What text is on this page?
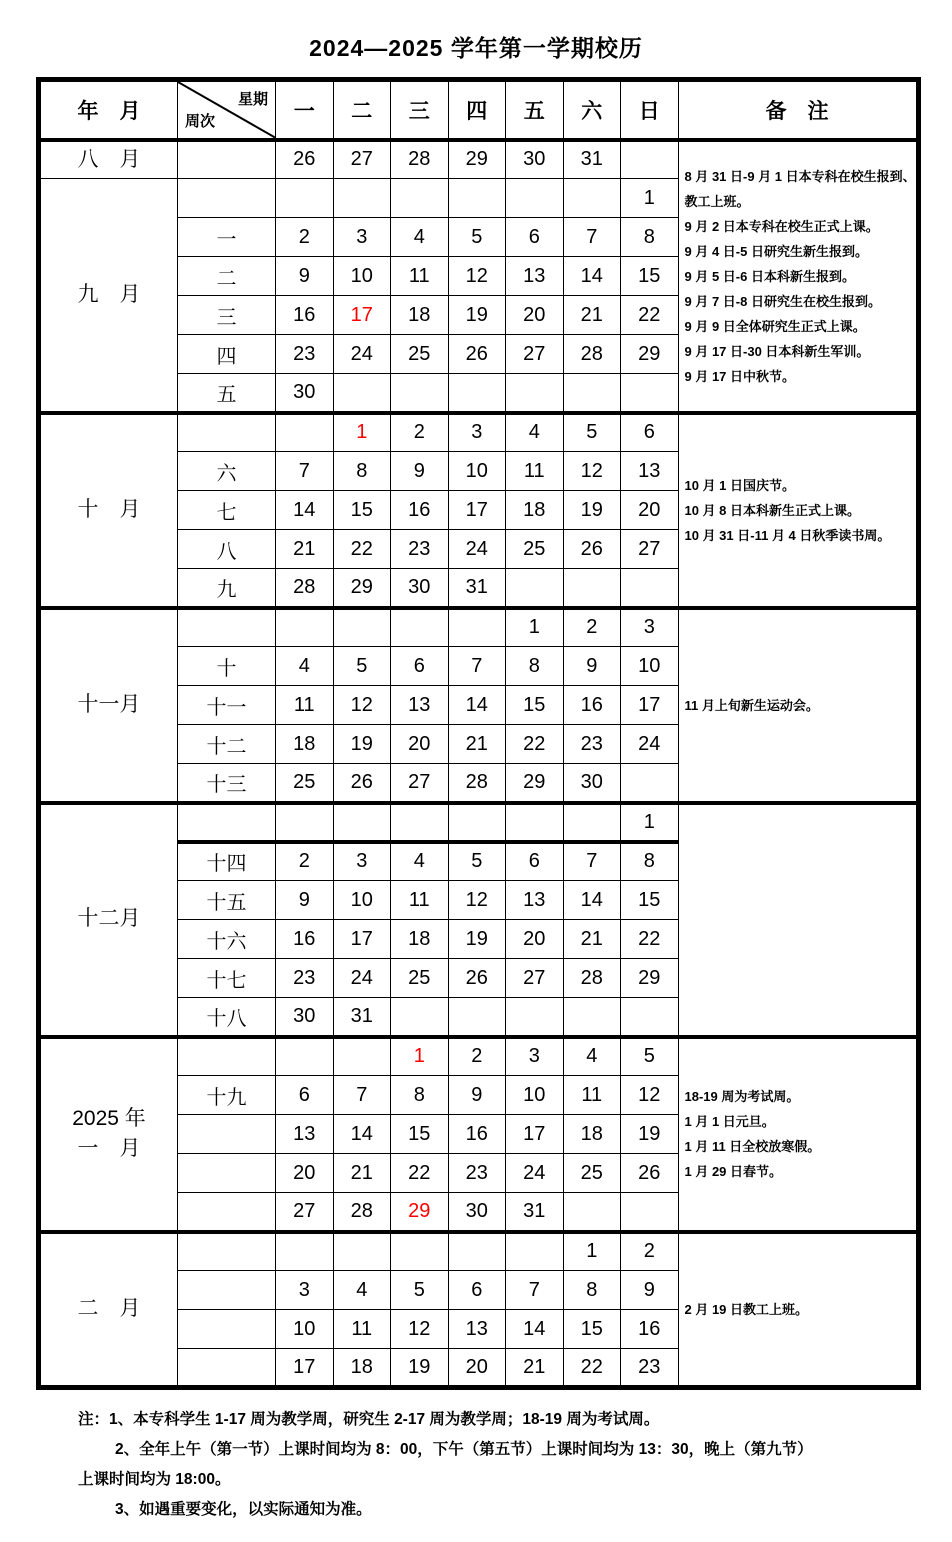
2024—2025 学年第一学期校历
年　月	星期
周次	一	二	三	四	五	六	日	备　注

八　月		26	27	28	29	30	31		
8 月 31 日-9 月 1 日本专科在校生报到、
教工上班。
9 月 2 日本专科在校生正式上课。
9 月 4 日-5 日研究生新生报到。
9 月 5 日-6 日本科新生报到。
9 月 7 日-8 日研究生在校生报到。
9 月 9 日全体研究生正式上课。
9 月 17 日-30 日本科新生军训。
9 月 17 日中秋节。

九　月								1	
	一	2	3	4	5	6	7	8	
	二	9	10	11	12	13	14	15	
	三	16	17	18	19	20	21	22	
	四	23	24	25	26	27	28	29	
	五	30							

十　月			1	2	3	4	5	6	10 月 1 日国庆节。
10 月 8 日本科新生正式上课。
10 月 31 日-11 月 4 日秋季读书周。

	六	7	8	9	10	11	12	13	
	七	14	15	16	17	18	19	20	
	八	21	22	23	24	25	26	27	
	九	28	29	30	31				

十一月						1	2	3	11 月上旬新生运动会。

	十	4	5	6	7	8	9	10	
	十一	11	12	13	14	15	16	17	
	十二	18	19	20	21	22	23	24	
	十三	25	26	27	28	29	30		

十二月								1	
	十四	2	3	4	5	6	7	8	
	十五	9	10	11	12	13	14	15	
	十六	16	17	18	19	20	21	22	
	十七	23	24	25	26	27	28	29	
	十八	30	31						

2025 年
一　月
				1	2	3	4	5	
18-19 周为考试周。
1 月 1 日元旦。
1 月 11 日全校放寒假。
1 月 29 日春节。

	十九	6	7	8	9	10	11	12	
		13	14	15	16	17	18	19	
		20	21	22	23	24	25	26	
		27	28	29	30	31			

二　月							1	2	2 月 19 日教工上班。

		3	4	5	6	7	8	9	
		10	11	12	13	14	15	16	
		17	18	19	20	21	22	23	

注：1、本专科学生 1-17 周为教学周，研究生 2-17 周为教学周；18-19 周为考试周。

2、全年上午（第一节）上课时间均为 8：00，下午（第五节）上课时间均为 13：30，晚上（第九节）

上课时间均为 18:00。

3、如遇重要变化，以实际通知为准。
